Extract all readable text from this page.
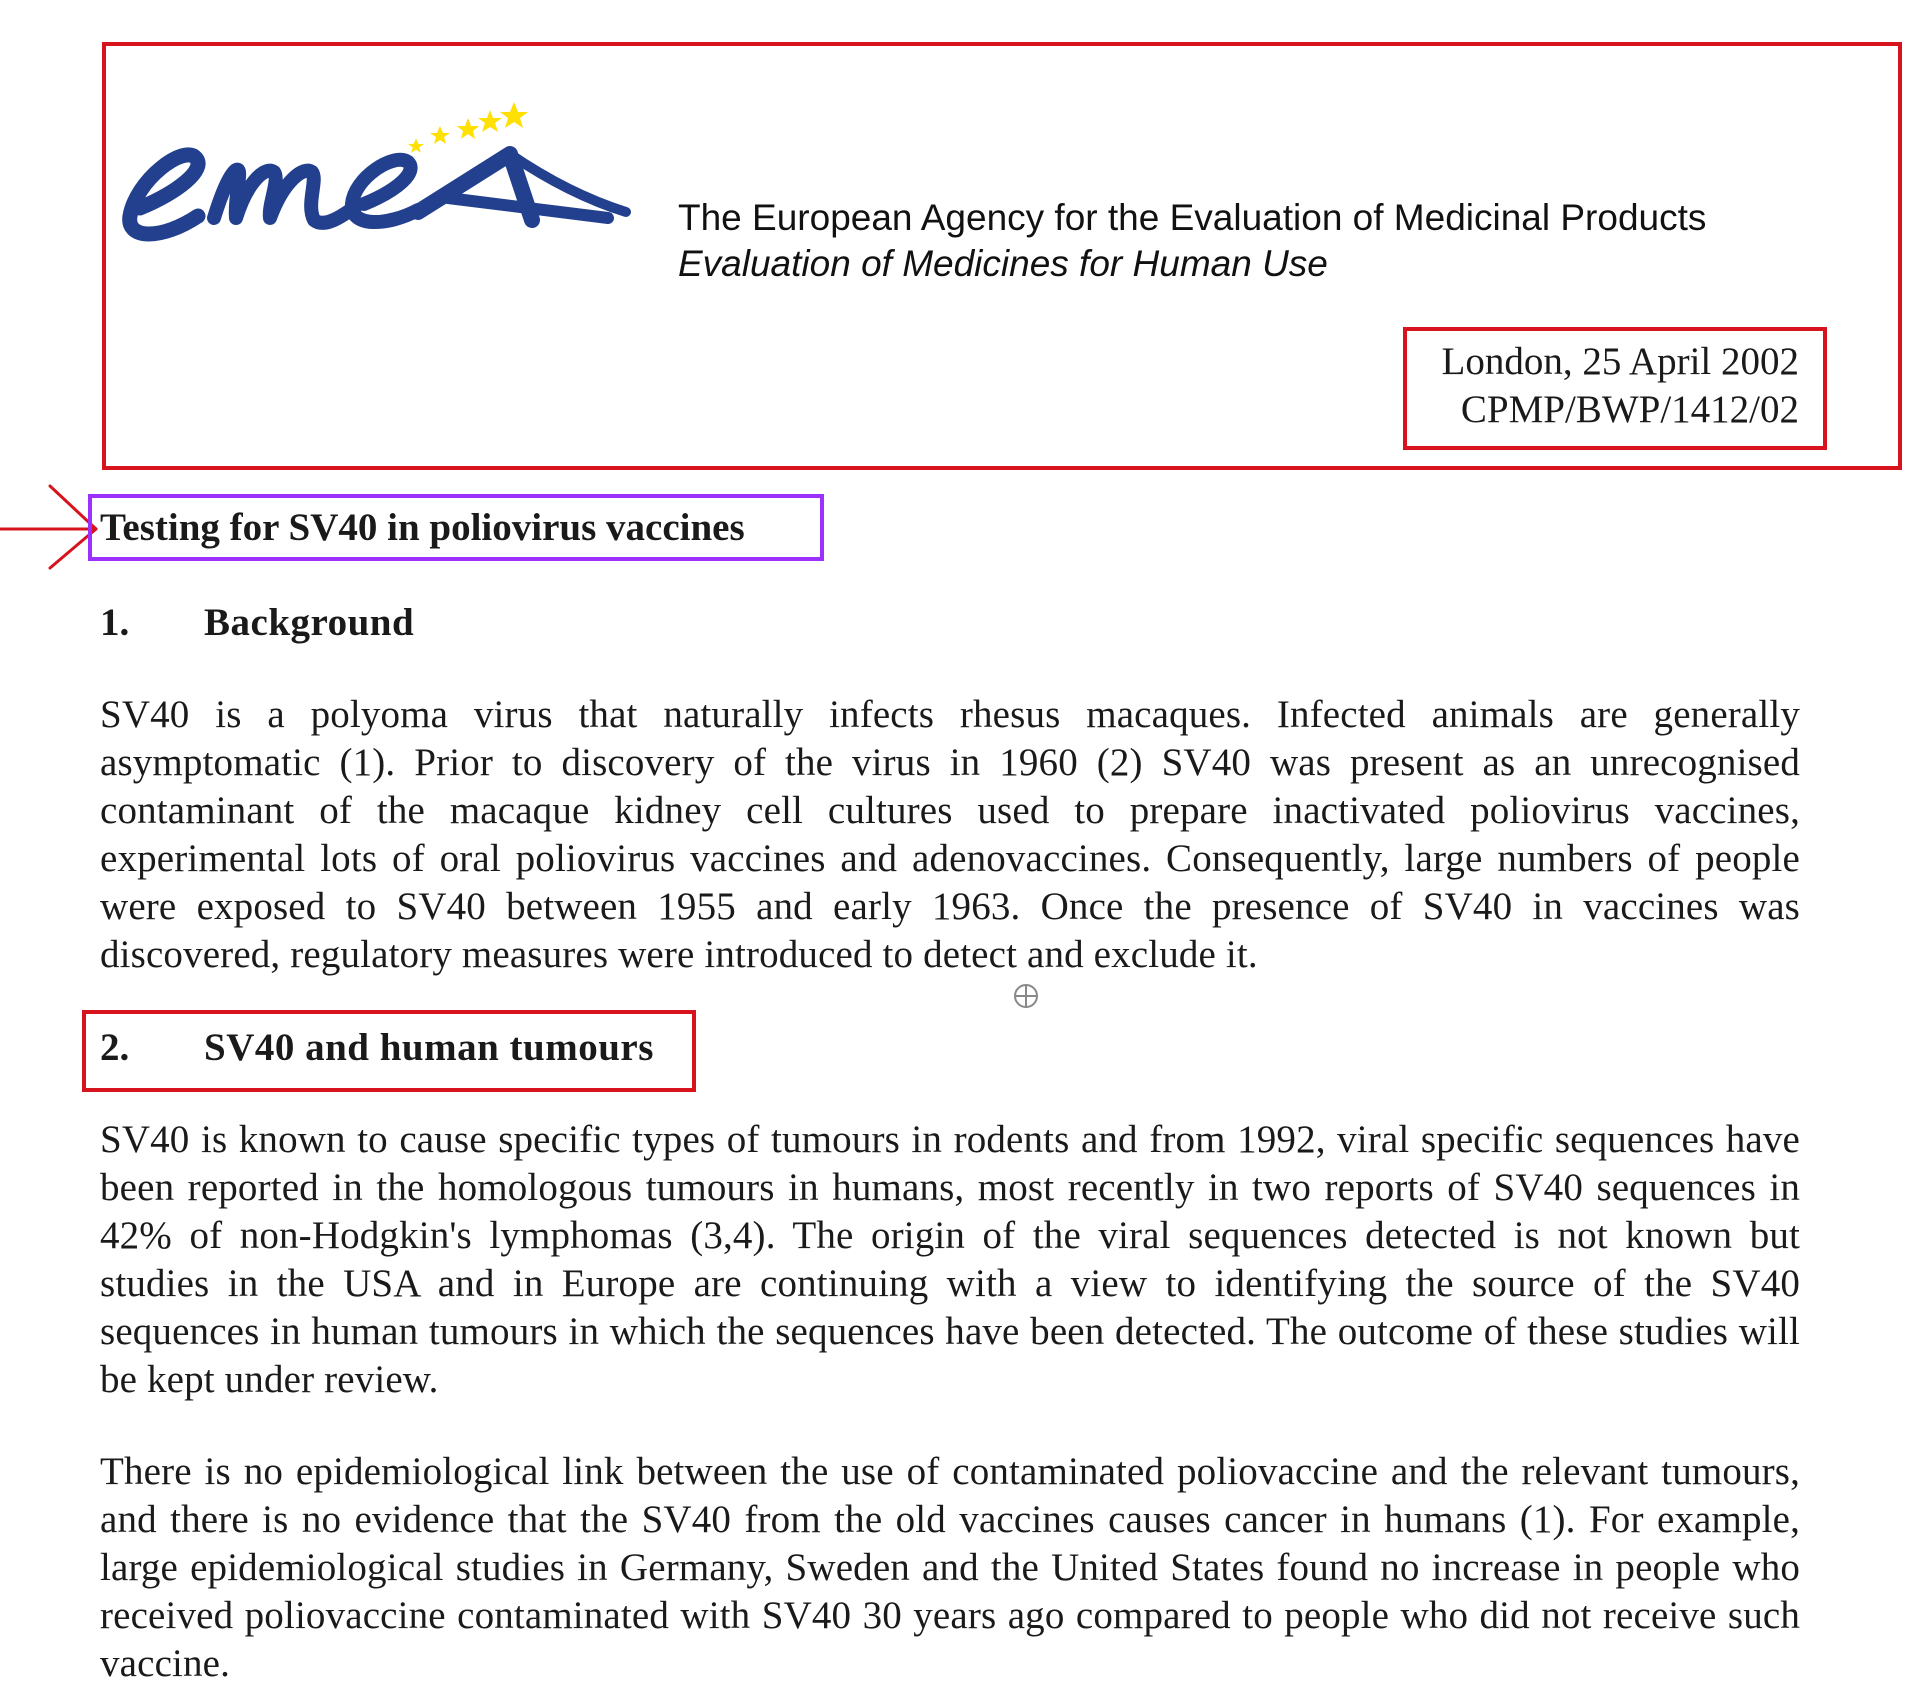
The European Agency for the Evaluation of Medicinal Products
Evaluation of Medicines for Human Use
London, 25 April 2002
CPMP/BWP/1412/02
Testing for SV40 in poliovirus vaccines
1. Background
SV40 is a polyoma virus that naturally infects rhesus macaques. Infected animals are generally asymptomatic (1). Prior to discovery of the virus in 1960 (2) SV40 was present as an unrecognised contaminant of the macaque kidney cell cultures used to prepare inactivated poliovirus vaccines, experimental lots of oral poliovirus vaccines and adenovaccines. Consequently, large numbers of people were exposed to SV40 between 1955 and early 1963. Once the presence of SV40 in vaccines was discovered, regulatory measures were introduced to detect and exclude it.
2. SV40 and human tumours
SV40 is known to cause specific types of tumours in rodents and from 1992, viral specific sequences have been reported in the homologous tumours in humans, most recently in two reports of SV40 sequences in 42% of non-Hodgkin's lymphomas (3,4). The origin of the viral sequences detected is not known but studies in the USA and in Europe are continuing with a view to identifying the source of the SV40 sequences in human tumours in which the sequences have been detected. The outcome of these studies will be kept under review.
There is no epidemiological link between the use of contaminated poliovaccine and the relevant tumours, and there is no evidence that the SV40 from the old vaccines causes cancer in humans (1). For example, large epidemiological studies in Germany, Sweden and the United States found no increase in people who received poliovaccine contaminated with SV40 30 years ago compared to people who did not receive such vaccine.
